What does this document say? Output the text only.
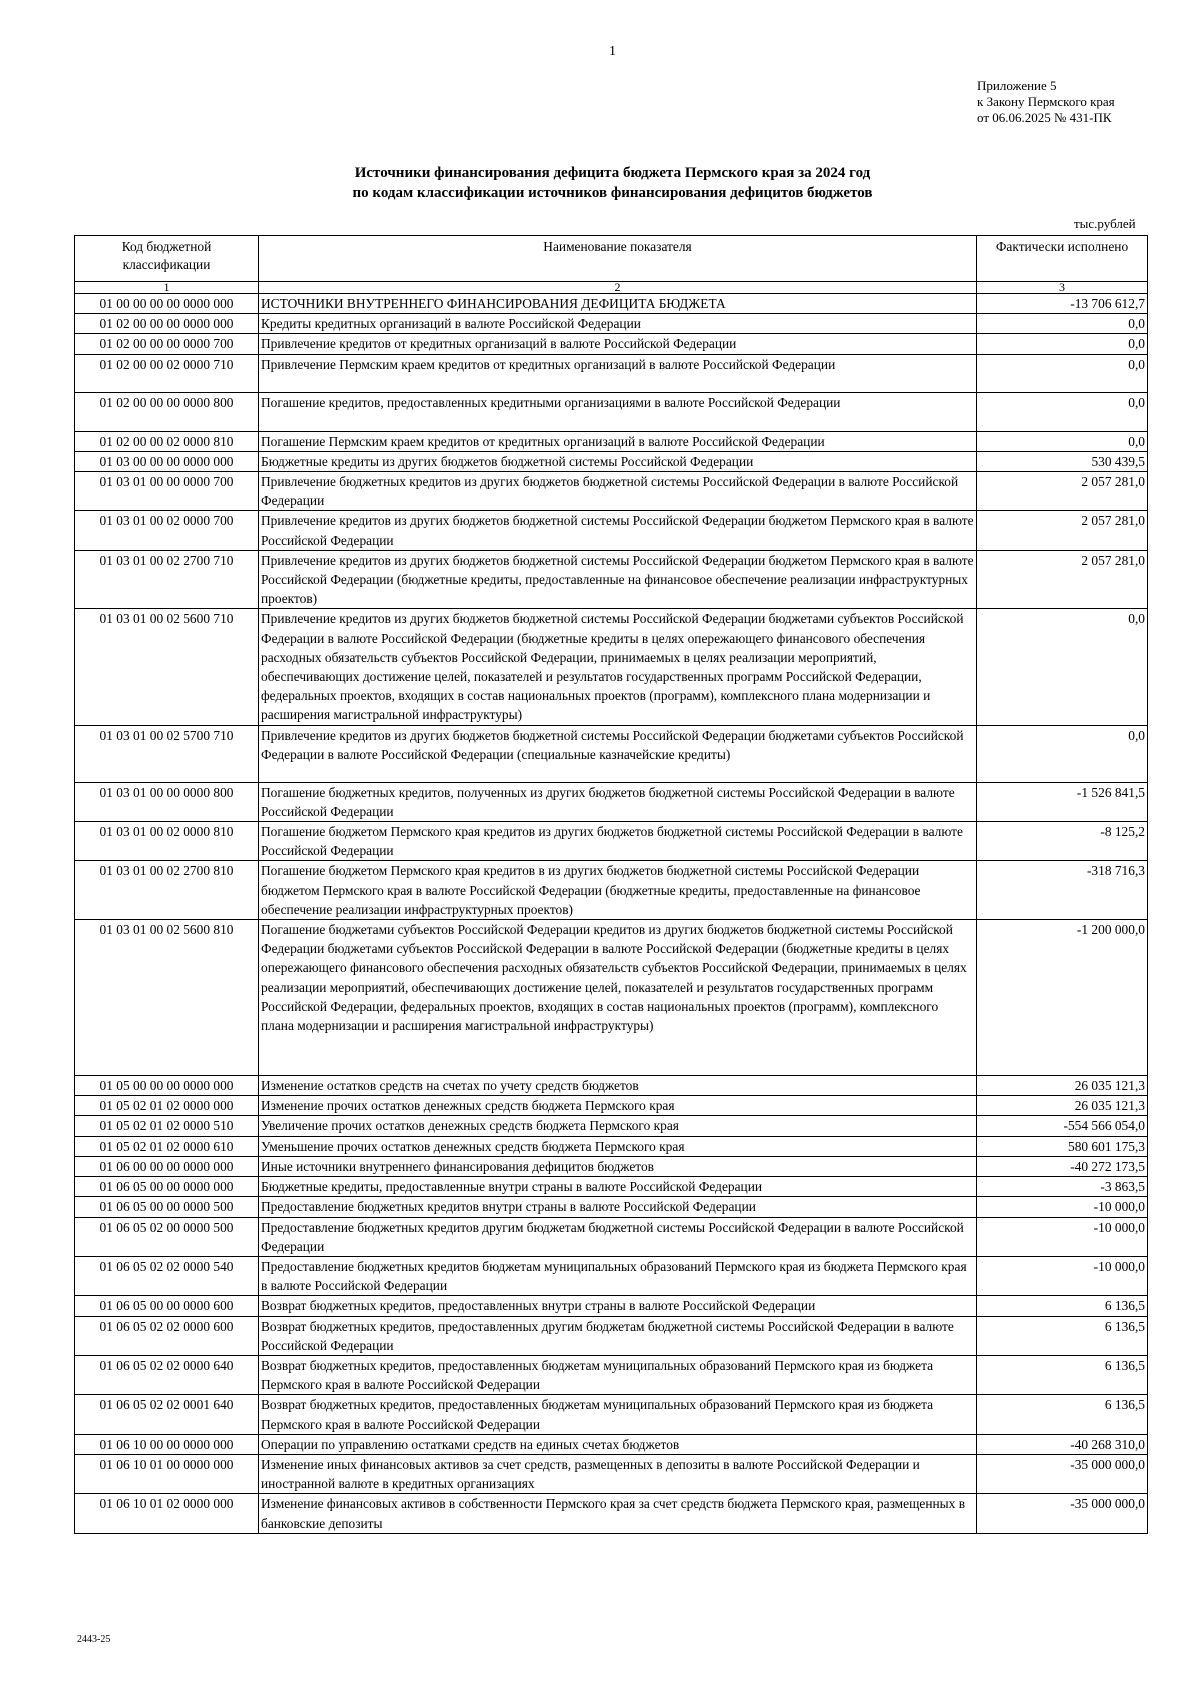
1
Приложение 5
к Закону Пермского края
от 06.06.2025 № 431-ПК
Источники финансирования дефицита бюджета Пермского края за 2024 год
по кодам классификации источников финансирования дефицитов бюджетов
тыс.рублей
Код бюджетной классификации	Наименование показателя	Фактически исполнено
1	2	3
01 00 00 00 00 0000 000	ИСТОЧНИКИ ВНУТРЕННЕГО ФИНАНСИРОВАНИЯ ДЕФИЦИТА БЮДЖЕТА	-13 706 612,7
01 02 00 00 00 0000 000	Кредиты кредитных организаций в валюте Российской Федерации	0,0
01 02 00 00 00 0000 700	Привлечение кредитов от кредитных организаций в валюте Российской Федерации	0,0
01 02 00 00 02 0000 710	Привлечение Пермским краем кредитов от кредитных организаций в валюте Российской Федерации	0,0
01 02 00 00 00 0000 800	Погашение кредитов, предоставленных кредитными организациями в валюте Российской Федерации	0,0
01 02 00 00 02 0000 810	Погашение Пермским краем кредитов от кредитных организаций в валюте Российской Федерации	0,0
01 03 00 00 00 0000 000	Бюджетные кредиты из других бюджетов бюджетной системы Российской Федерации	530 439,5
01 03 01 00 00 0000 700	Привлечение бюджетных кредитов из других бюджетов бюджетной системы Российской Федерации в валюте Российской Федерации	2 057 281,0
01 03 01 00 02 0000 700	Привлечение кредитов из других бюджетов бюджетной системы Российской Федерации бюджетом Пермского края в валюте Российской Федерации	2 057 281,0
01 03 01 00 02 2700 710	Привлечение кредитов из других бюджетов бюджетной системы Российской Федерации бюджетом Пермского края в валюте Российской Федерации (бюджетные кредиты, предоставленные на финансовое обеспечение реализации инфраструктурных проектов)	2 057 281,0
01 03 01 00 02 5600 710	Привлечение кредитов из других бюджетов бюджетной системы Российской Федерации бюджетами субъектов Российской Федерации в валюте Российской Федерации (бюджетные кредиты в целях опережающего финансового обеспечения расходных обязательств субъектов Российской Федерации, принимаемых в целях реализации мероприятий, обеспечивающих достижение целей, показателей и результатов государственных программ Российской Федерации, федеральных проектов, входящих в состав национальных проектов (программ), комплексного плана модернизации и расширения магистральной инфраструктуры)	0,0
01 03 01 00 02 5700 710	Привлечение кредитов из других бюджетов бюджетной системы Российской Федерации бюджетами субъектов Российской Федерации в валюте Российской Федерации (специальные казначейские кредиты)	0,0
01 03 01 00 00 0000 800	Погашение бюджетных кредитов, полученных из других бюджетов бюджетной системы Российской Федерации в валюте Российской Федерации	-1 526 841,5
01 03 01 00 02 0000 810	Погашение бюджетом Пермского края кредитов из других бюджетов бюджетной системы Российской Федерации в валюте Российской Федерации	-8 125,2
01 03 01 00 02 2700 810	Погашение бюджетом Пермского края кредитов в из других бюджетов бюджетной системы Российской Федерации бюджетом Пермского края в валюте Российской Федерации (бюджетные кредиты, предоставленные на финансовое обеспечение реализации инфраструктурных проектов)	-318 716,3
01 03 01 00 02 5600 810	Погашение бюджетами субъектов Российской Федерации кредитов из других бюджетов бюджетной системы Российской Федерации бюджетами субъектов Российской Федерации в валюте Российской Федерации (бюджетные кредиты в целях опережающего финансового обеспечения расходных обязательств субъектов Российской Федерации, принимаемых в целях реализации мероприятий, обеспечивающих достижение целей, показателей и результатов государственных программ Российской Федерации, федеральных проектов, входящих в состав национальных проектов (программ), комплексного плана модернизации и расширения магистральной инфраструктуры)	-1 200 000,0
01 05 00 00 00 0000 000	Изменение остатков средств на счетах по учету средств бюджетов	26 035 121,3
01 05 02 01 02 0000 000	Изменение прочих остатков денежных средств бюджета Пермского края	26 035 121,3
01 05 02 01 02 0000 510	Увеличение прочих остатков денежных средств бюджета Пермского края	-554 566 054,0
01 05 02 01 02 0000 610	Уменьшение прочих остатков денежных средств бюджета Пермского края	580 601 175,3
01 06 00 00 00 0000 000	Иные источники внутреннего финансирования дефицитов бюджетов	-40 272 173,5
01 06 05 00 00 0000 000	Бюджетные кредиты, предоставленные внутри страны в валюте Российской Федерации	-3 863,5
01 06 05 00 00 0000 500	Предоставление бюджетных кредитов внутри страны в валюте Российской Федерации	-10 000,0
01 06 05 02 00 0000 500	Предоставление бюджетных кредитов другим бюджетам бюджетной системы Российской Федерации в валюте Российской Федерации	-10 000,0
01 06 05 02 02 0000 540	Предоставление бюджетных кредитов бюджетам муниципальных образований Пермского края из бюджета Пермского края в валюте Российской Федерации	-10 000,0
01 06 05 00 00 0000 600	Возврат бюджетных кредитов, предоставленных внутри страны в валюте Российской Федерации	6 136,5
01 06 05 02 02 0000 600	Возврат бюджетных кредитов, предоставленных другим бюджетам бюджетной системы Российской Федерации в валюте Российской Федерации	6 136,5
01 06 05 02 02 0000 640	Возврат бюджетных кредитов, предоставленных бюджетам муниципальных образований Пермского края из бюджета Пермского края в валюте Российской Федерации	6 136,5
01 06 05 02 02 0001 640	Возврат бюджетных кредитов, предоставленных бюджетам муниципальных образований Пермского края из бюджета Пермского края в валюте Российской Федерации	6 136,5
01 06 10 00 00 0000 000	Операции по управлению остатками средств на единых счетах бюджетов	-40 268 310,0
01 06 10 01 00 0000 000	Изменение иных финансовых активов за счет средств, размещенных в депозиты в валюте Российской Федерации и иностранной валюте в кредитных организациях	-35 000 000,0
01 06 10 01 02 0000 000	Изменение финансовых активов в собственности Пермского края за счет средств бюджета Пермского края, размещенных в банковские депозиты	-35 000 000,0
2443-25
